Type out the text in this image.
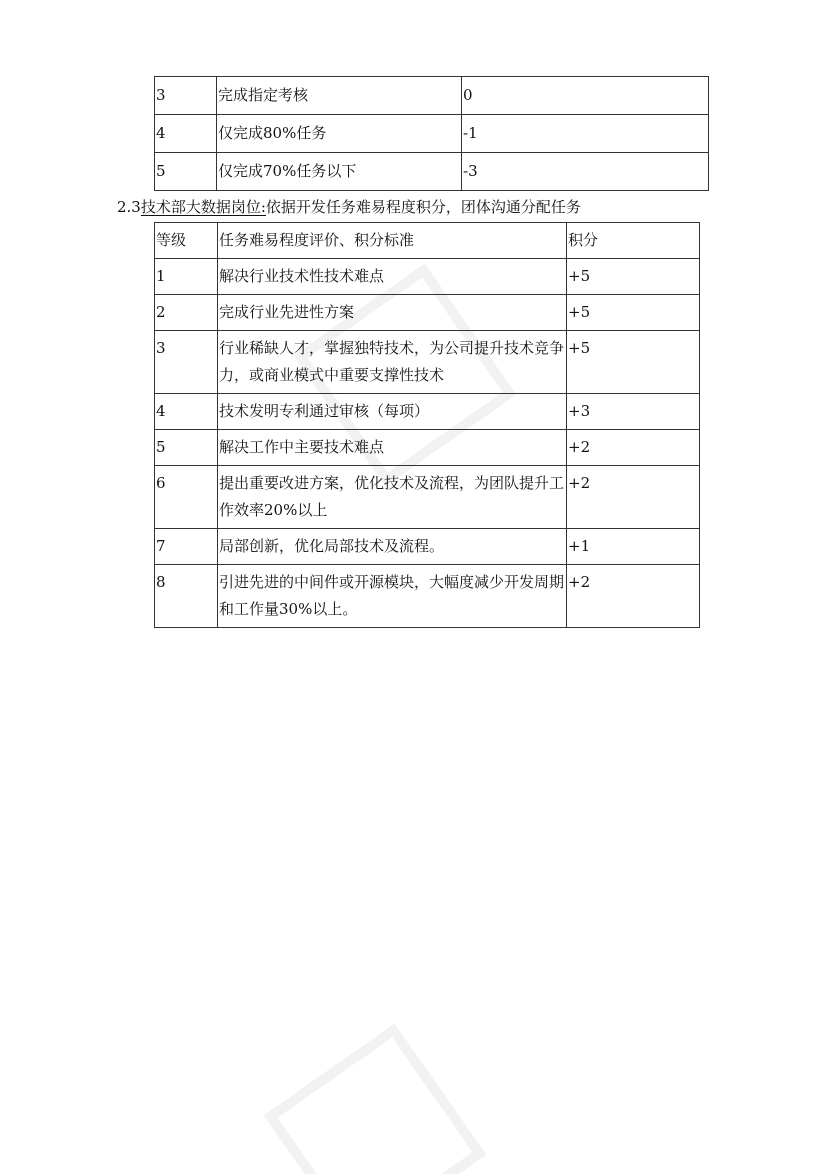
3	完成指定考核	0
4	仅完成80%任务	-1
5	仅完成70%任务以下	-3
2.3技术部大数据岗位:依据开发任务难易程度积分，团体沟通分配任务
等级	任务难易程度评价、积分标准	积分
1	解决行业技术性技术难点	+5
2	完成行业先进性方案	+5
3	行业稀缺人才，掌握独特技术，为公司提升技术竞争力，或商业模式中重要支撑性技术	+5
4	技术发明专利通过审核（每项）	+3
5	解决工作中主要技术难点	+2
6	提出重要改进方案，优化技术及流程，为团队提升工作效率20%以上	+2
7	局部创新，优化局部技术及流程。	+1
8	引进先进的中间件或开源模块，大幅度减少开发周期和工作量30%以上。	+2
